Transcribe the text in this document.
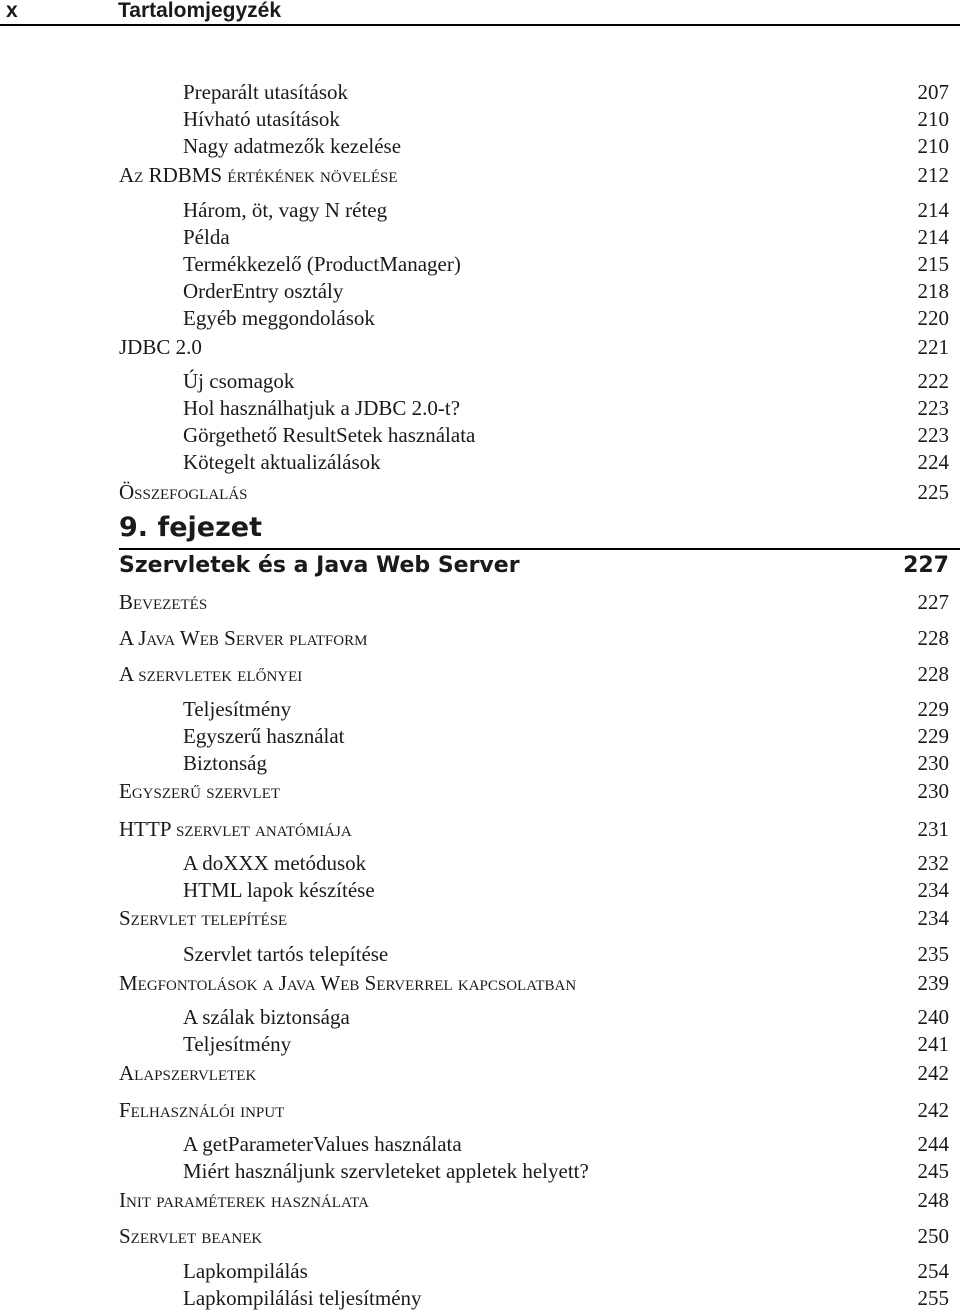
x	Tartalomjegyzék
Preparált utasítások	207
Hívható utasítások	210
Nagy adatmezők kezelése	210
Az RDBMS értékének növelése	212
Három, öt, vagy N réteg	214
Példa	214
Termékkezelő (ProductManager)	215
OrderEntry osztály	218
Egyéb meggondolások	220
JDBC 2.0	221
Új csomagok	222
Hol használhatjuk a JDBC 2.0-t?	223
Görgethető ResultSetek használata	223
Kötegelt aktualizálások	224
Összefoglalás	225
9. fejezet
Szervletek és a Java Web Server	227
Bevezetés	227
A Java Web Server platform	228
A szervletek előnyei	228
Teljesítmény	229
Egyszerű használat	229
Biztonság	230
Egyszerű szervlet	230
HTTP szervlet anatómiája	231
A doXXX metódusok	232
HTML lapok készítése	234
Szervlet telepítése	234
Szervlet tartós telepítése	235
Megfontolások a Java Web Serverrel kapcsolatban	239
A szálak biztonsága	240
Teljesítmény	241
Alapszervletek	242
Felhasználói input	242
A getParameterValues használata	244
Miért használjunk szervleteket appletek helyett?	245
Init paraméterek használata	248
Szervlet beanek	250
Lapkompilálás	254
Lapkompilálási teljesítmény	255
